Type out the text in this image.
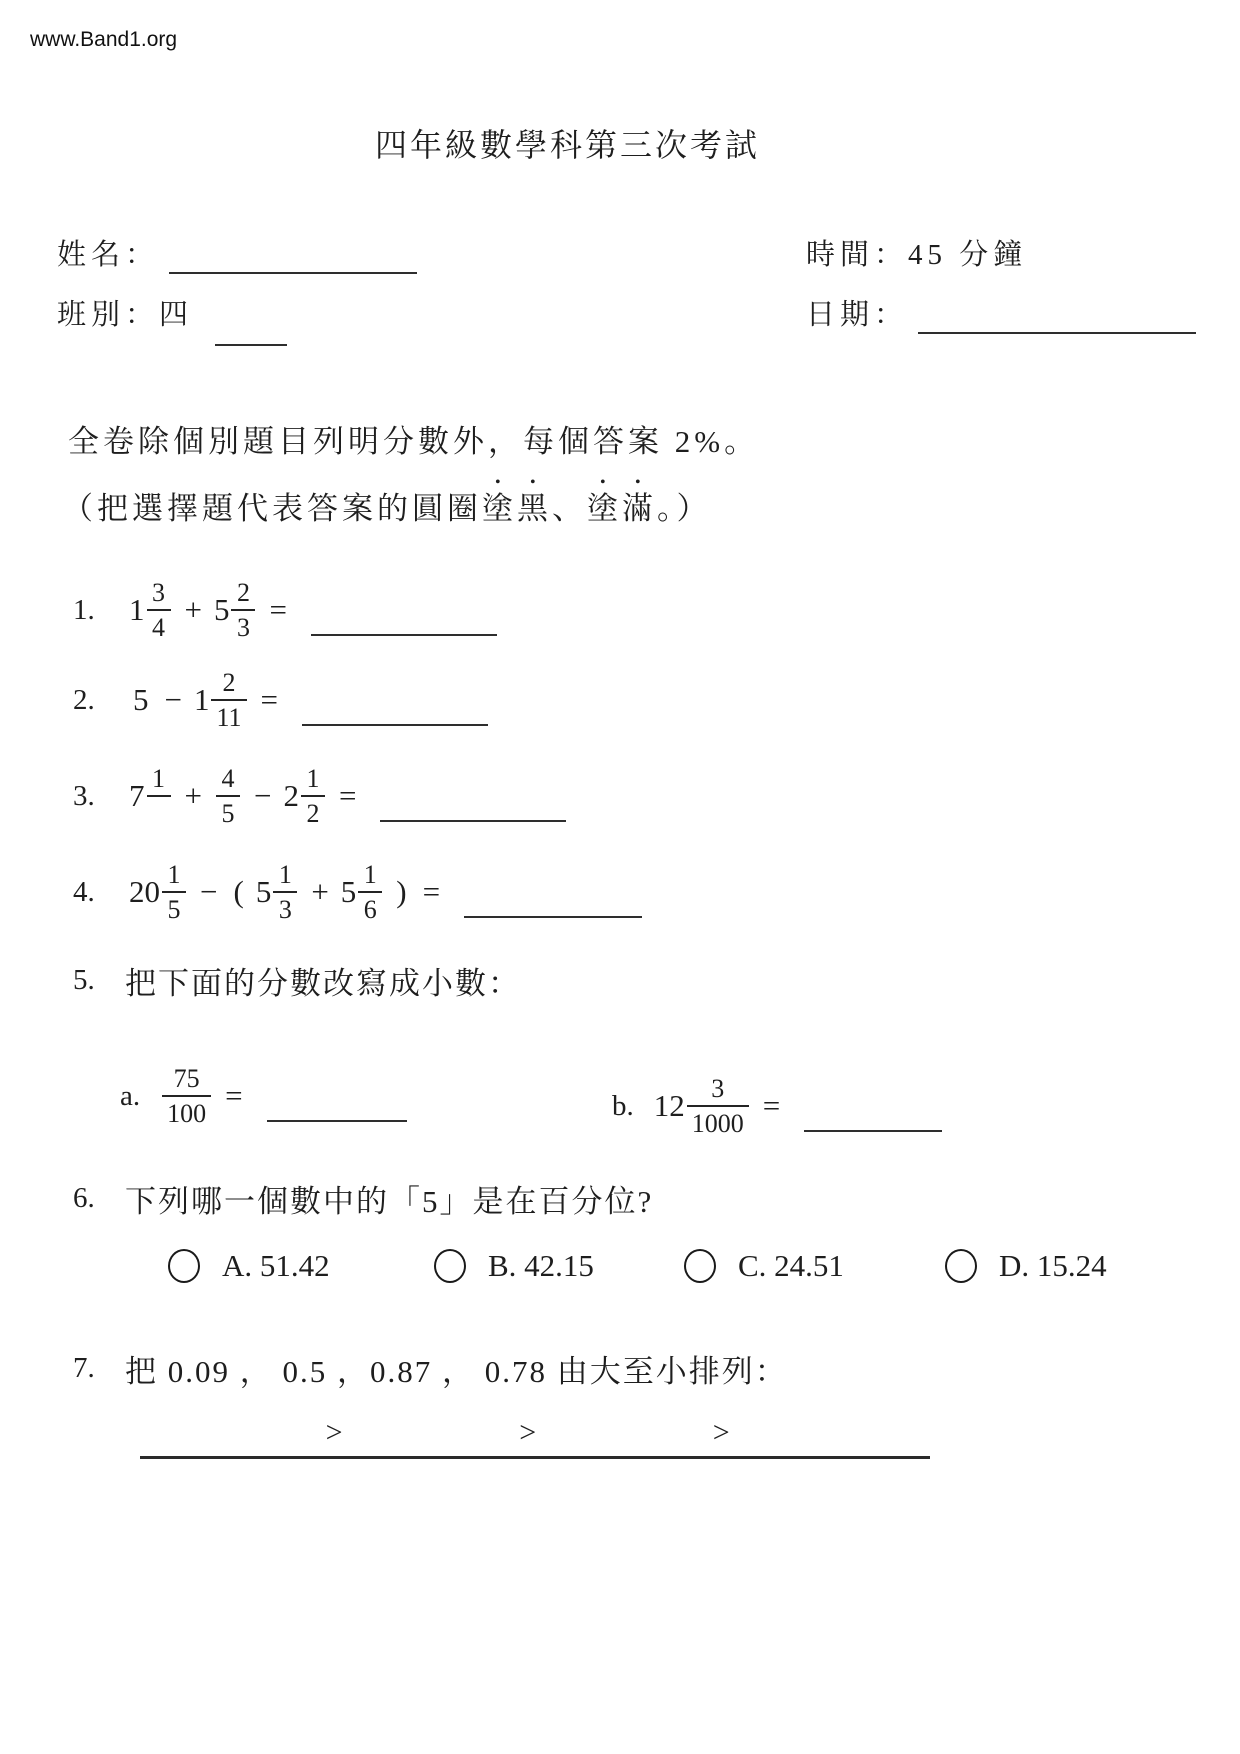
www.Band1.org
四年級數學科第三次考試
姓名：	時間：45 分鐘
班別：四	日期：
全卷除個別題目列明分數外，每個答案 2%。
（把選擇題代表答案的圓圈塗黑、塗滿。）
1.	$1 \frac{3}{4} + 5 \frac{2}{3}$ =
2.	$5 - 1 \frac{2}{11}$ =
3.	7 $1 + \frac{4}{5} - 2 \frac{1}{2}$ =
4.	$20 \frac{1}{5}$ − ( $5 \frac{1}{3} + 5 \frac{1}{6}$ ) =
5. 把下面的分數改寫成小數：
a. $\frac{75}{100}$ =	b. $12 \frac{3}{1000}$ =
6. 下列哪一個數中的「5」是在百分位?
A. 51.42	B. 42.15	C. 24.51	D. 15.24
7. 把 0.09 ， 0.5 ，0.87 ， 0.78 由大至小排列：
>	>	>
